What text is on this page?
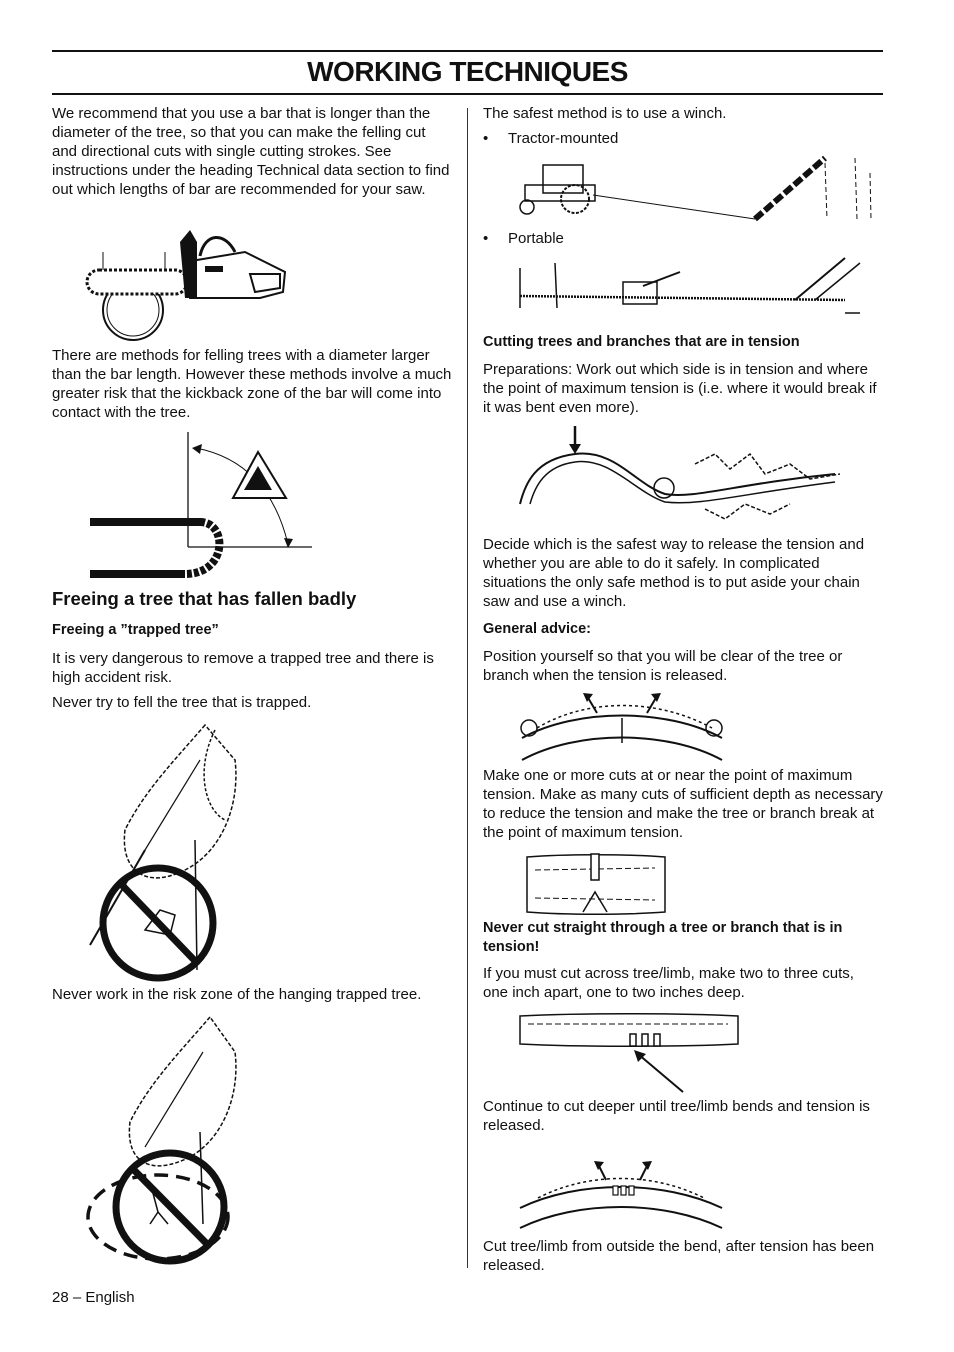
WORKING TECHNIQUES

We recommend that you use a bar that is longer than the diameter of the tree, so that you can make the felling cut and directional cuts with single cutting strokes. See instructions under the heading Technical data section to find out which lengths of bar are recommended for your saw.

There are methods for felling trees with a diameter larger than the bar length. However these methods involve a much greater risk that the kickback zone of the bar will come into contact with the tree.

Freeing a tree that has fallen badly
Freeing a ”trapped tree”

It is very dangerous to remove a trapped tree and there is high accident risk.

Never try to fell the tree that is trapped.

Never work in the risk zone of the hanging trapped tree.

The safest method is to use a winch.

• Tractor-mounted
• Portable
Cutting trees and branches that are in tension

Preparations: Work out which side is in tension and where the point of maximum tension is (i.e. where it would break if it was bent even more).

Decide which is the safest way to release the tension and whether you are able to do it safely. In complicated situations the only safe method is to put aside your chain saw and use a winch.

General advice:

Position yourself so that you will be clear of the tree or branch when the tension is released.

Make one or more cuts at or near the point of maximum tension. Make as many cuts of sufficient depth as necessary to reduce the tension and make the tree or branch break at the point of maximum tension.

Never cut straight through a tree or branch that is in tension!

If you must cut across tree/limb, make two to three cuts, one inch apart, one to two inches deep.

Continue to cut deeper until tree/limb bends and tension is released.

Cut tree/limb from outside the bend, after tension has been released.

28 – English
